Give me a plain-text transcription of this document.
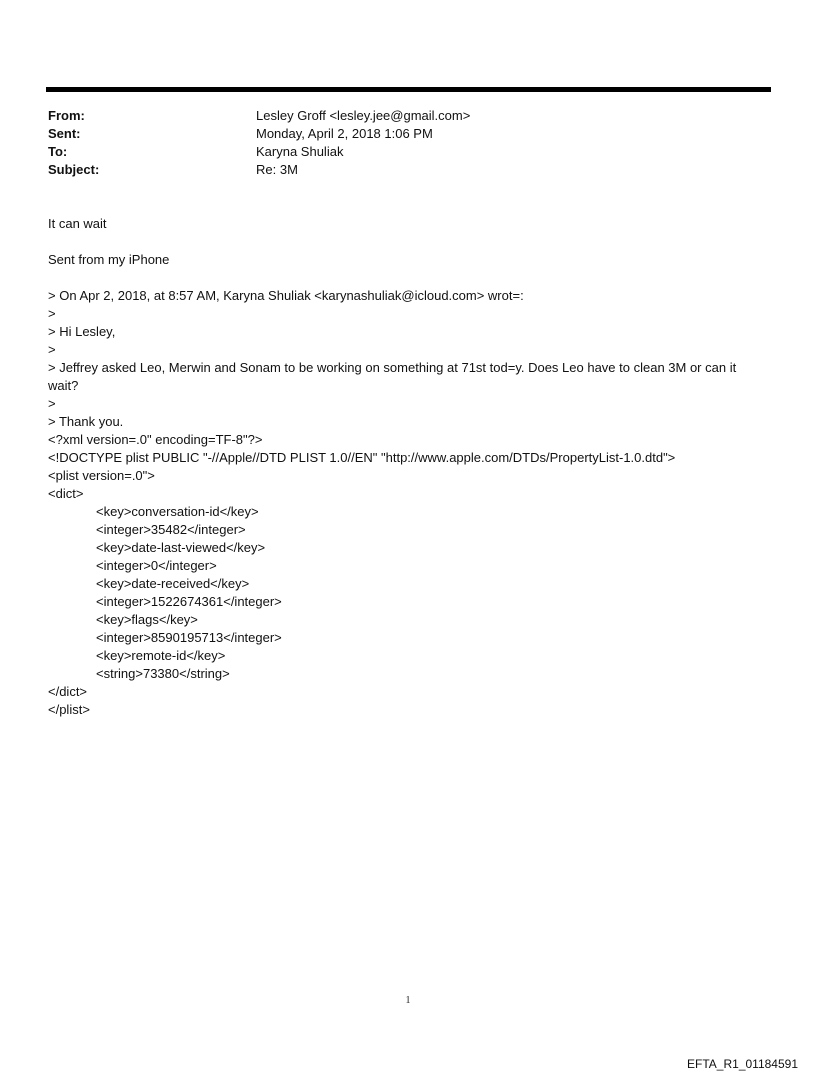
From:	Lesley Groff <lesley.jee@gmail.com>
Sent:	Monday, April 2, 2018 1:06 PM
To:	Karyna Shuliak
Subject:	Re: 3M

It can wait

Sent from my iPhone

> On Apr 2, 2018, at 8:57 AM, Karyna Shuliak <karynashuliak@icloud.com> wrot=:

>

> Hi Lesley,

>

> Jeffrey asked Leo, Merwin and Sonam to be working on something at 71st tod=y. Does Leo have to clean 3M or can it wait?

>

> Thank you.

<?xml version=.0" encoding=TF-8"?>

<!DOCTYPE plist PUBLIC "-//Apple//DTD PLIST 1.0//EN" "http://www.apple.com/DTDs/PropertyList-1.0.dtd">

<plist version=.0">

<dict>

<key>conversation-id</key>

<integer>35482</integer>

<key>date-last-viewed</key>

<integer>0</integer>

<key>date-received</key>

<integer>1522674361</integer>

<key>flags</key>

<integer>8590195713</integer>

<key>remote-id</key>

<string>73380</string>

</dict>

</plist>

1
EFTA_R1_01184591
